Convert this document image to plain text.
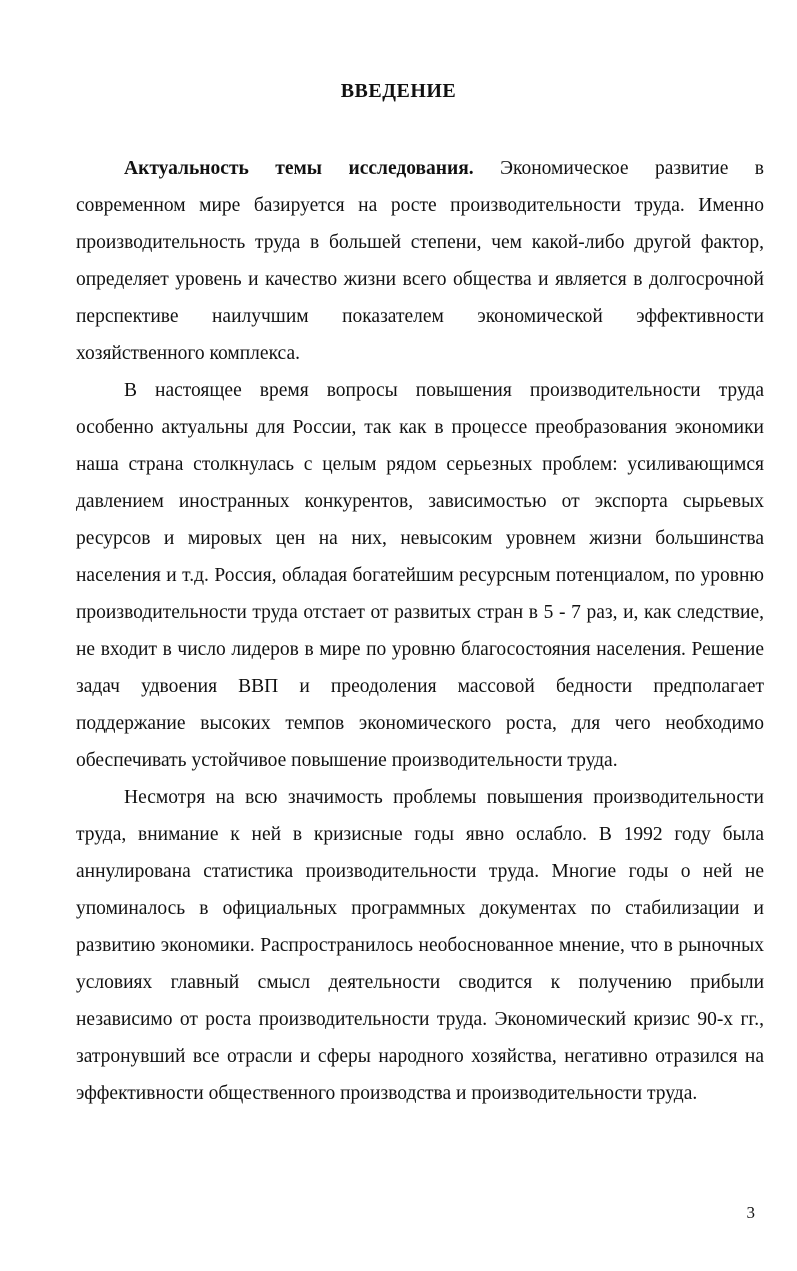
ВВЕДЕНИЕ

Актуальность темы исследования. Экономическое развитие в современном мире базируется на росте производительности труда. Именно производительность труда в большей степени, чем какой-либо другой фактор, определяет уровень и качество жизни всего общества и является в долгосрочной перспективе наилучшим показателем экономической эффективности хозяйственного комплекса.

В настоящее время вопросы повышения производительности труда особенно актуальны для России, так как в процессе преобразования экономики наша страна столкнулась с целым рядом серьезных проблем: усиливающимся давлением иностранных конкурентов, зависимостью от экспорта сырьевых ресурсов и мировых цен на них, невысоким уровнем жизни большинства населения и т.д. Россия, обладая богатейшим ресурсным потенциалом, по уровню производительности труда отстает от развитых стран в 5 - 7 раз, и, как следствие, не входит в число лидеров в мире по уровню благосостояния населения. Решение задач удвоения ВВП и преодоления массовой бедности предполагает поддержание высоких темпов экономического роста, для чего необходимо обеспечивать устойчивое повышение производительности труда.

Несмотря на всю значимость проблемы повышения производительности труда, внимание к ней в кризисные годы явно ослабло. В 1992 году была аннулирована статистика производительности труда. Многие годы о ней не упоминалось в официальных программных документах по стабилизации и развитию экономики. Распространилось необоснованное мнение, что в рыночных условиях главный смысл деятельности сводится к получению прибыли независимо от роста производительности труда. Экономический кризис 90-х гг., затронувший все отрасли и сферы народного хозяйства, негативно отразился на эффективности общественного производства и производительности труда.

3
